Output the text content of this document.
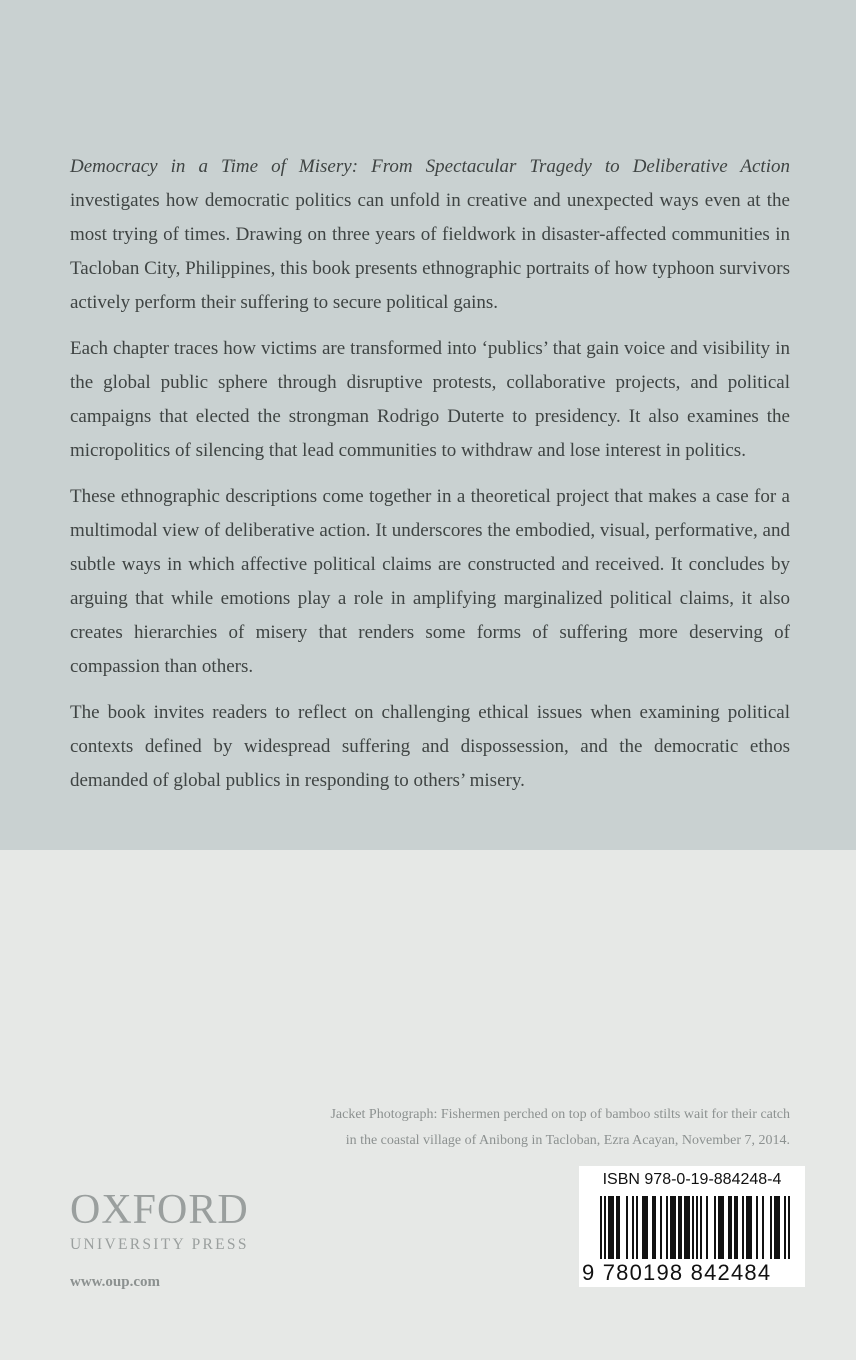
Democracy in a Time of Misery: From Spectacular Tragedy to Deliberative Action investigates how democratic politics can unfold in creative and unexpected ways even at the most trying of times. Drawing on three years of fieldwork in disaster-affected communities in Tacloban City, Philippines, this book presents ethnographic portraits of how typhoon survivors actively perform their suffering to secure political gains.

Each chapter traces how victims are transformed into ‘publics’ that gain voice and visibility in the global public sphere through disruptive protests, collaborative projects, and political campaigns that elected the strongman Rodrigo Duterte to presidency. It also examines the micropolitics of silencing that lead communities to withdraw and lose interest in politics.

These ethnographic descriptions come together in a theoretical project that makes a case for a multimodal view of deliberative action. It underscores the embodied, visual, performative, and subtle ways in which affective political claims are constructed and received. It concludes by arguing that while emotions play a role in amplifying marginalized political claims, it also creates hierarchies of misery that renders some forms of suffering more deserving of compassion than others.

The book invites readers to reflect on challenging ethical issues when examining political contexts defined by widespread suffering and dispossession, and the democratic ethos demanded of global publics in responding to others’ misery.

Jacket Photograph: Fishermen perched on top of bamboo stilts wait for their catch
in the coastal village of Anibong in Tacloban, Ezra Acayan, November 7, 2014.
OXFORD
UNIVERSITY PRESS
www.oup.com
ISBN 978-0-19-884248-4
9 780198 842484
